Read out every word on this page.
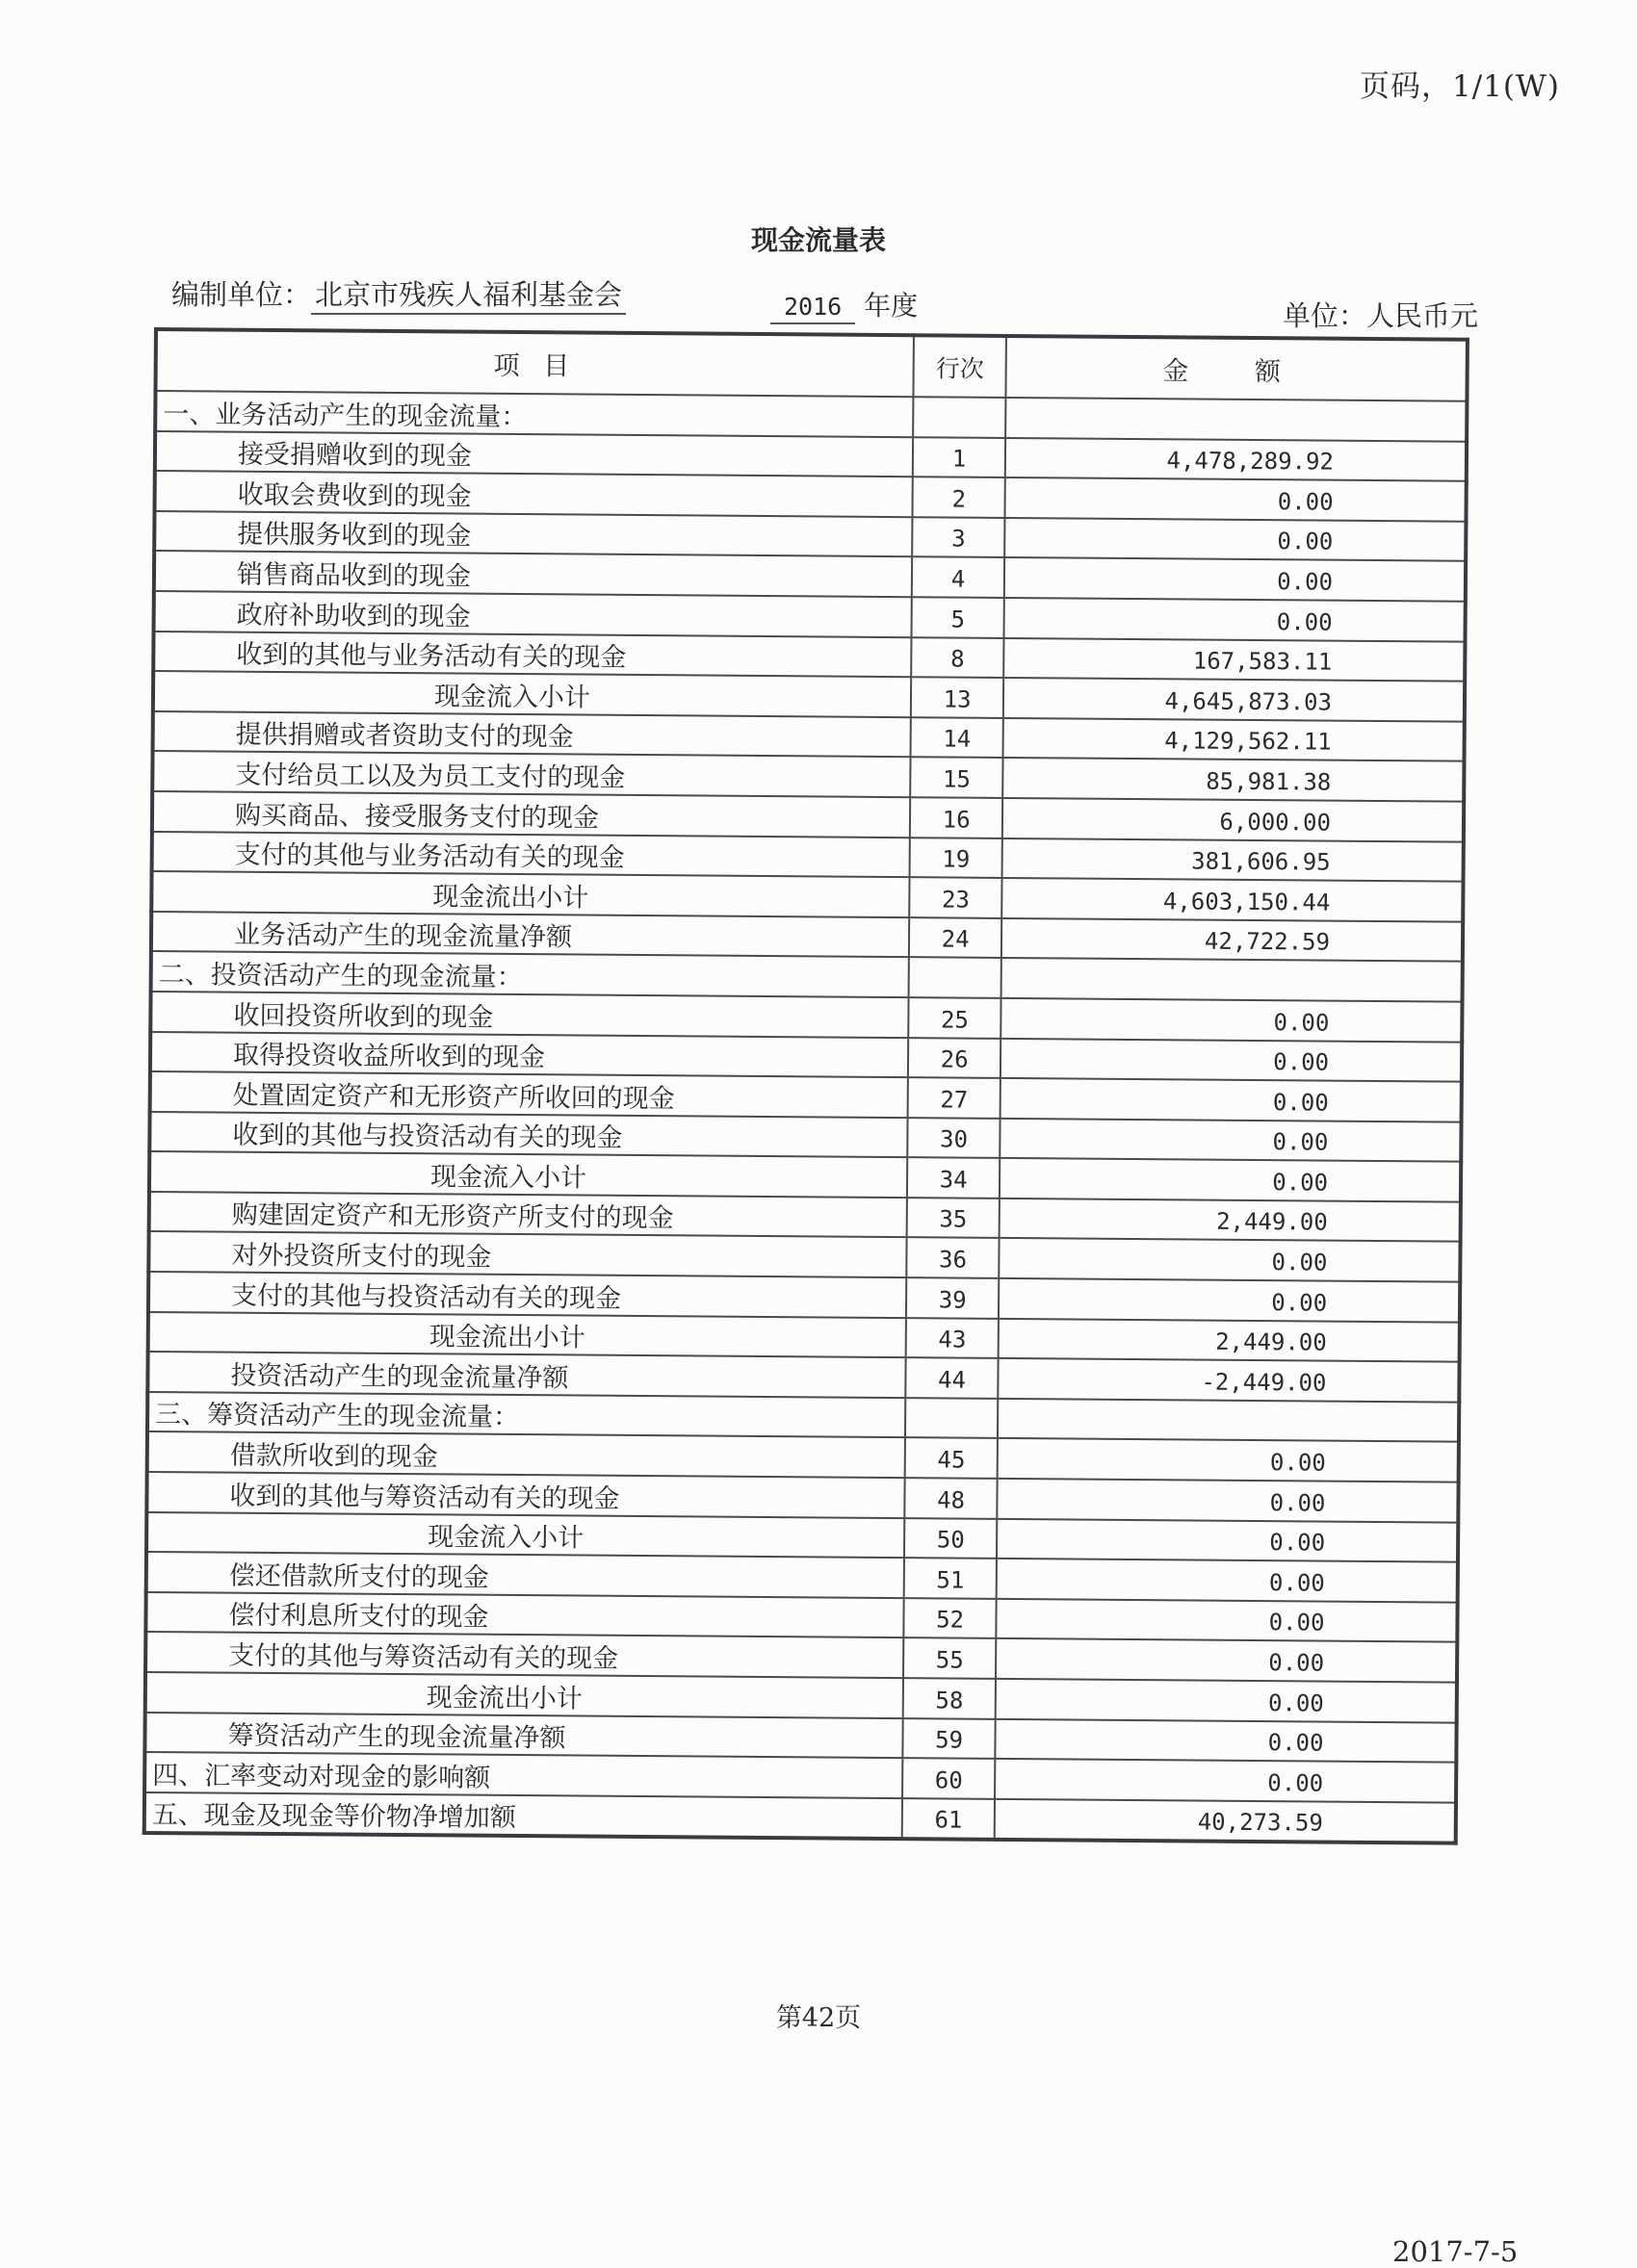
页码，1/1(W)
现金流量表
编制单位： 北京市残疾人福利基金会	2016 年度	单位：人民币元
项 目	行次	金 额
一、业务活动产生的现金流量：		
接受捐赠收到的现金	1	4,478,289.92
收取会费收到的现金	2	0.00
提供服务收到的现金	3	0.00
销售商品收到的现金	4	0.00
政府补助收到的现金	5	0.00
收到的其他与业务活动有关的现金	8	167,583.11
现金流入小计	13	4,645,873.03
提供捐赠或者资助支付的现金	14	4,129,562.11
支付给员工以及为员工支付的现金	15	85,981.38
购买商品、接受服务支付的现金	16	6,000.00
支付的其他与业务活动有关的现金	19	381,606.95
现金流出小计	23	4,603,150.44
业务活动产生的现金流量净额	24	42,722.59
二、投资活动产生的现金流量：		
收回投资所收到的现金	25	0.00
取得投资收益所收到的现金	26	0.00
处置固定资产和无形资产所收回的现金	27	0.00
收到的其他与投资活动有关的现金	30	0.00
现金流入小计	34	0.00
购建固定资产和无形资产所支付的现金	35	2,449.00
对外投资所支付的现金	36	0.00
支付的其他与投资活动有关的现金	39	0.00
现金流出小计	43	2,449.00
投资活动产生的现金流量净额	44	-2,449.00
三、筹资活动产生的现金流量：		
借款所收到的现金	45	0.00
收到的其他与筹资活动有关的现金	48	0.00
现金流入小计	50	0.00
偿还借款所支付的现金	51	0.00
偿付利息所支付的现金	52	0.00
支付的其他与筹资活动有关的现金	55	0.00
现金流出小计	58	0.00
筹资活动产生的现金流量净额	59	0.00
四、汇率变动对现金的影响额	60	0.00
五、现金及现金等价物净增加额	61	40,273.59
第42页
2017-7-5
